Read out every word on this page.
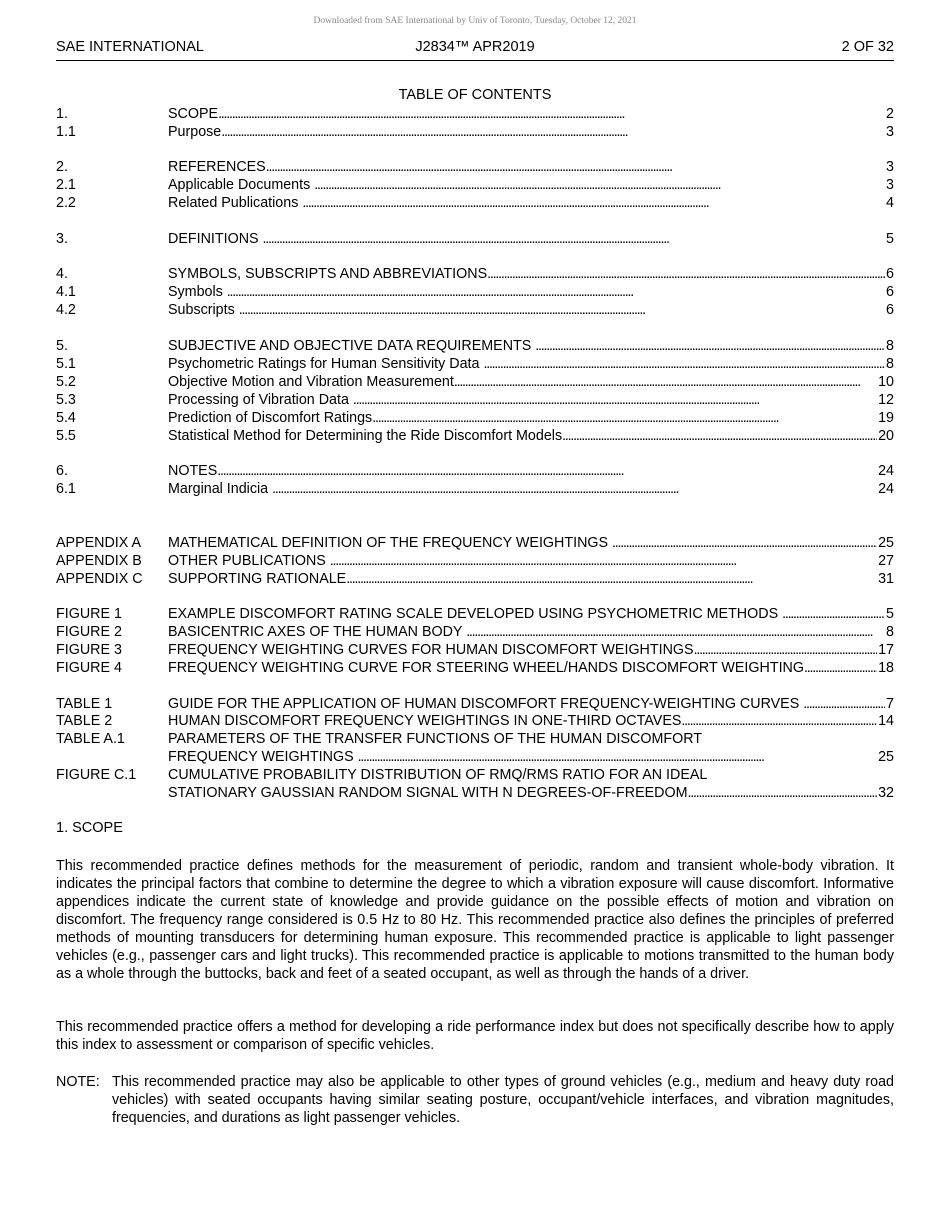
Downloaded from SAE International by Univ of Toronto, Tuesday, October 12, 2021
SAE INTERNATIONAL	J2834™ APR2019	2 OF 32
TABLE OF CONTENTS
1.	SCOPE . . .	2
1.1	Purpose . . .	3
2.	REFERENCES . . .	3
2.1	Applicable Documents . . .	3
2.2	Related Publications . . .	4
3.	DEFINITIONS . . .	5
4.	SYMBOLS, SUBSCRIPTS AND ABBREVIATIONS . . .	6
4.1	Symbols . . .	6
4.2	Subscripts . . .	6
5.	SUBJECTIVE AND OBJECTIVE DATA REQUIREMENTS . . .	8
5.1	Psychometric Ratings for Human Sensitivity Data . . .	8
5.2	Objective Motion and Vibration Measurement . . .	10
5.3	Processing of Vibration Data . . .	12
5.4	Prediction of Discomfort Ratings . . .	19
5.5	Statistical Method for Determining the Ride Discomfort Models . . .	20
6.	NOTES . . .	24
6.1	Marginal Indicia . . .	24
APPENDIX A MATHEMATICAL DEFINITION OF THE FREQUENCY WEIGHTINGS . . .	25
APPENDIX B OTHER PUBLICATIONS . . .	27
APPENDIX C SUPPORTING RATIONALE . . .	31
FIGURE 1	EXAMPLE DISCOMFORT RATING SCALE DEVELOPED USING PSYCHOMETRIC METHODS . . .	5
FIGURE 2	BASICENTRIC AXES OF THE HUMAN BODY . . .	8
FIGURE 3	FREQUENCY WEIGHTING CURVES FOR HUMAN DISCOMFORT WEIGHTINGS . . .	17
FIGURE 4	FREQUENCY WEIGHTING CURVE FOR STEERING WHEEL/HANDS DISCOMFORT WEIGHTING . . .	18
TABLE 1	GUIDE FOR THE APPLICATION OF HUMAN DISCOMFORT FREQUENCY-WEIGHTING CURVES . . .	7
TABLE 2	HUMAN DISCOMFORT FREQUENCY WEIGHTINGS IN ONE-THIRD OCTAVES . . .	14
TABLE A.1	PARAMETERS OF THE TRANSFER FUNCTIONS OF THE HUMAN DISCOMFORT
FREQUENCY WEIGHTINGS . . .	25
FIGURE C.1 CUMULATIVE PROBABILITY DISTRIBUTION OF RMQ/RMS RATIO FOR AN IDEAL
STATIONARY GAUSSIAN RANDOM SIGNAL WITH N DEGREES-OF-FREEDOM . . .	32
1. SCOPE
This recommended practice defines methods for the measurement of periodic, random and transient whole-body vibration. It indicates the principal factors that combine to determine the degree to which a vibration exposure will cause discomfort. Informative appendices indicate the current state of knowledge and provide guidance on the possible effects of motion and vibration on discomfort. The frequency range considered is 0.5 Hz to 80 Hz. This recommended practice also defines the principles of preferred methods of mounting transducers for determining human exposure. This recommended practice is applicable to light passenger vehicles (e.g., passenger cars and light trucks). This recommended practice is applicable to motions transmitted to the human body as a whole through the buttocks, back and feet of a seated occupant, as well as through the hands of a driver.
This recommended practice offers a method for developing a ride performance index but does not specifically describe how to apply this index to assessment or comparison of specific vehicles.
NOTE: This recommended practice may also be applicable to other types of ground vehicles (e.g., medium and heavy duty road vehicles) with seated occupants having similar seating posture, occupant/vehicle interfaces, and vibration magnitudes, frequencies, and durations as light passenger vehicles.
